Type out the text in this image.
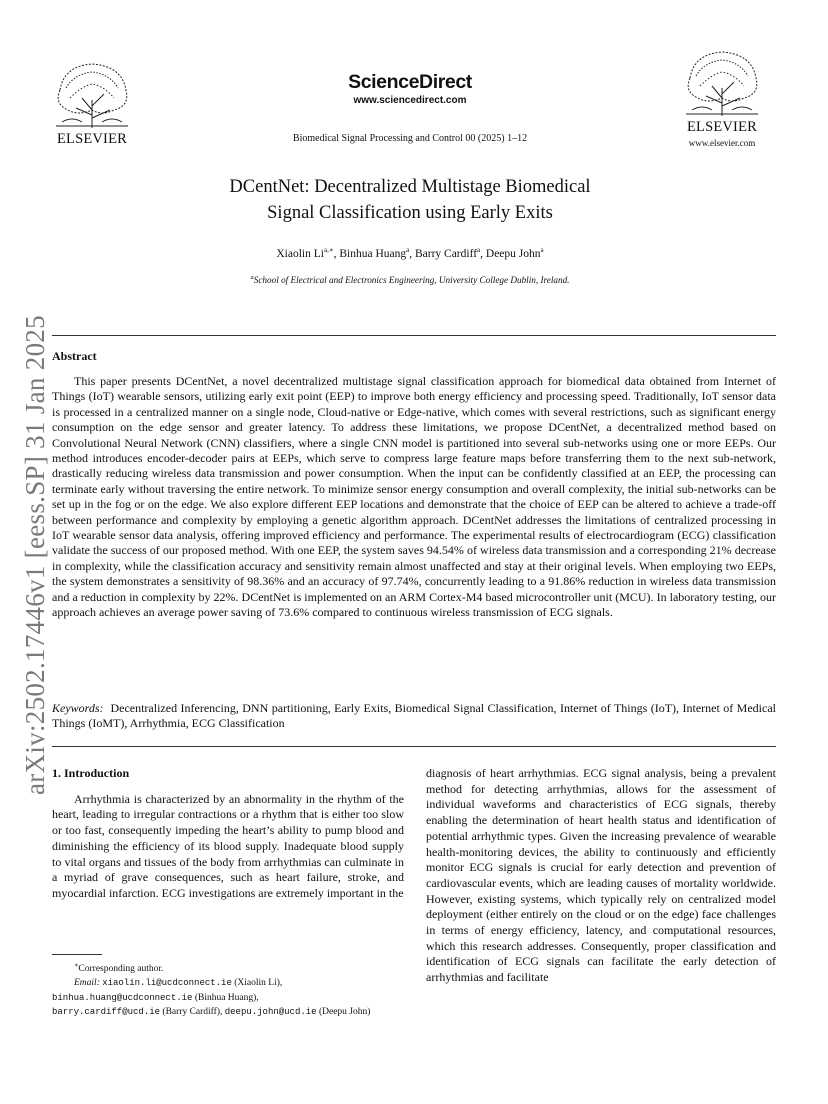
arXiv:2502.17446v1 [eess.SP] 31 Jan 2025
ELSEVIER
ScienceDirect
www.sciencedirect.com
Biomedical Signal Processing and Control 00 (2025) 1–12
ELSEVIER
www.elsevier.com
DCentNet: Decentralized Multistage Biomedical
Signal Classification using Early Exits
Xiaolin $Li^{a,∗}$, Binhua Huang$^a$, Barry Cardiff$^a$, Deepu John$^a$
$^a$School of Electrical and Electronics Engineering, University College Dublin, Ireland.
Abstract
This paper presents DCentNet, a novel decentralized multistage signal classification approach for biomedical data obtained from Internet of Things (IoT) wearable sensors, utilizing early exit point (EEP) to improve both energy efficiency and processing speed. Traditionally, IoT sensor data is processed in a centralized manner on a single node, Cloud-native or Edge-native, which comes with several restrictions, such as significant energy consumption on the edge sensor and greater latency. To address these limitations, we propose DCentNet, a decentralized method based on Convolutional Neural Network (CNN) classifiers, where a single CNN model is partitioned into several sub-networks using one or more EEPs. Our method introduces encoder-decoder pairs at EEPs, which serve to compress large feature maps before transferring them to the next sub-network, drastically reducing wireless data transmission and power consumption. When the input can be confidently classified at an EEP, the processing can terminate early without traversing the entire network. To minimize sensor energy consumption and overall complexity, the initial sub-networks can be set up in the fog or on the edge. We also explore different EEP locations and demonstrate that the choice of EEP can be altered to achieve a trade-off between performance and complexity by employing a genetic algorithm approach. DCentNet addresses the limitations of centralized processing in IoT wearable sensor data analysis, offering improved efficiency and performance. The experimental results of electrocardiogram (ECG) classification validate the success of our proposed method. With one EEP, the system saves 94.54% of wireless data transmission and a corresponding 21% decrease in complexity, while the classification accuracy and sensitivity remain almost unaffected and stay at their original levels. When employing two EEPs, the system demonstrates a sensitivity of 98.36% and an accuracy of 97.74%, concurrently leading to a 91.86% reduction in wireless data transmission and a reduction in complexity by 22%. DCentNet is implemented on an ARM Cortex-M4 based microcontroller unit (MCU). In laboratory testing, our approach achieves an average power saving of 73.6% compared to continuous wireless transmission of ECG signals.
Keywords: Decentralized Inferencing, DNN partitioning, Early Exits, Biomedical Signal Classification, Internet of Things (IoT), Internet of Medical Things (IoMT), Arrhythmia, ECG Classification
1. Introduction
Arrhythmia is characterized by an abnormality in the rhythm of the heart, leading to irregular contractions or a rhythm that is either too slow or too fast, consequently impeding the heart’s ability to pump blood and diminishing the efficiency of its blood supply. Inadequate blood supply to vital organs and tissues of the body from arrhythmias can culminate in a myriad of grave consequences, such as heart failure, stroke, and myocardial infarction. ECG investigations are extremely important in the
diagnosis of heart arrhythmias. ECG signal analysis, being a prevalent method for detecting arrhythmias, allows for the assessment of individual waveforms and characteristics of ECG signals, thereby enabling the determination of heart health status and identification of potential arrhythmic types. Given the increasing prevalence of wearable health-monitoring devices, the ability to continuously and efficiently monitor ECG signals is crucial for early detection and prevention of cardiovascular events, which are leading causes of mortality worldwide. However, existing systems, which typically rely on centralized model deployment (either entirely on the cloud or on the edge) face challenges in terms of energy efficiency, latency, and computational resources, which this research addresses. Consequently, proper classification and identification of ECG signals can facilitate the early detection of arrhythmias and facilitate
∗Corresponding author.
Email: xiaolin.li@ucdconnect.ie (Xiaolin Li),
binhua.huang@ucdconnect.ie (Binhua Huang),
barry.cardiff@ucd.ie (Barry Cardiff), deepu.john@ucd.ie (Deepu John)
